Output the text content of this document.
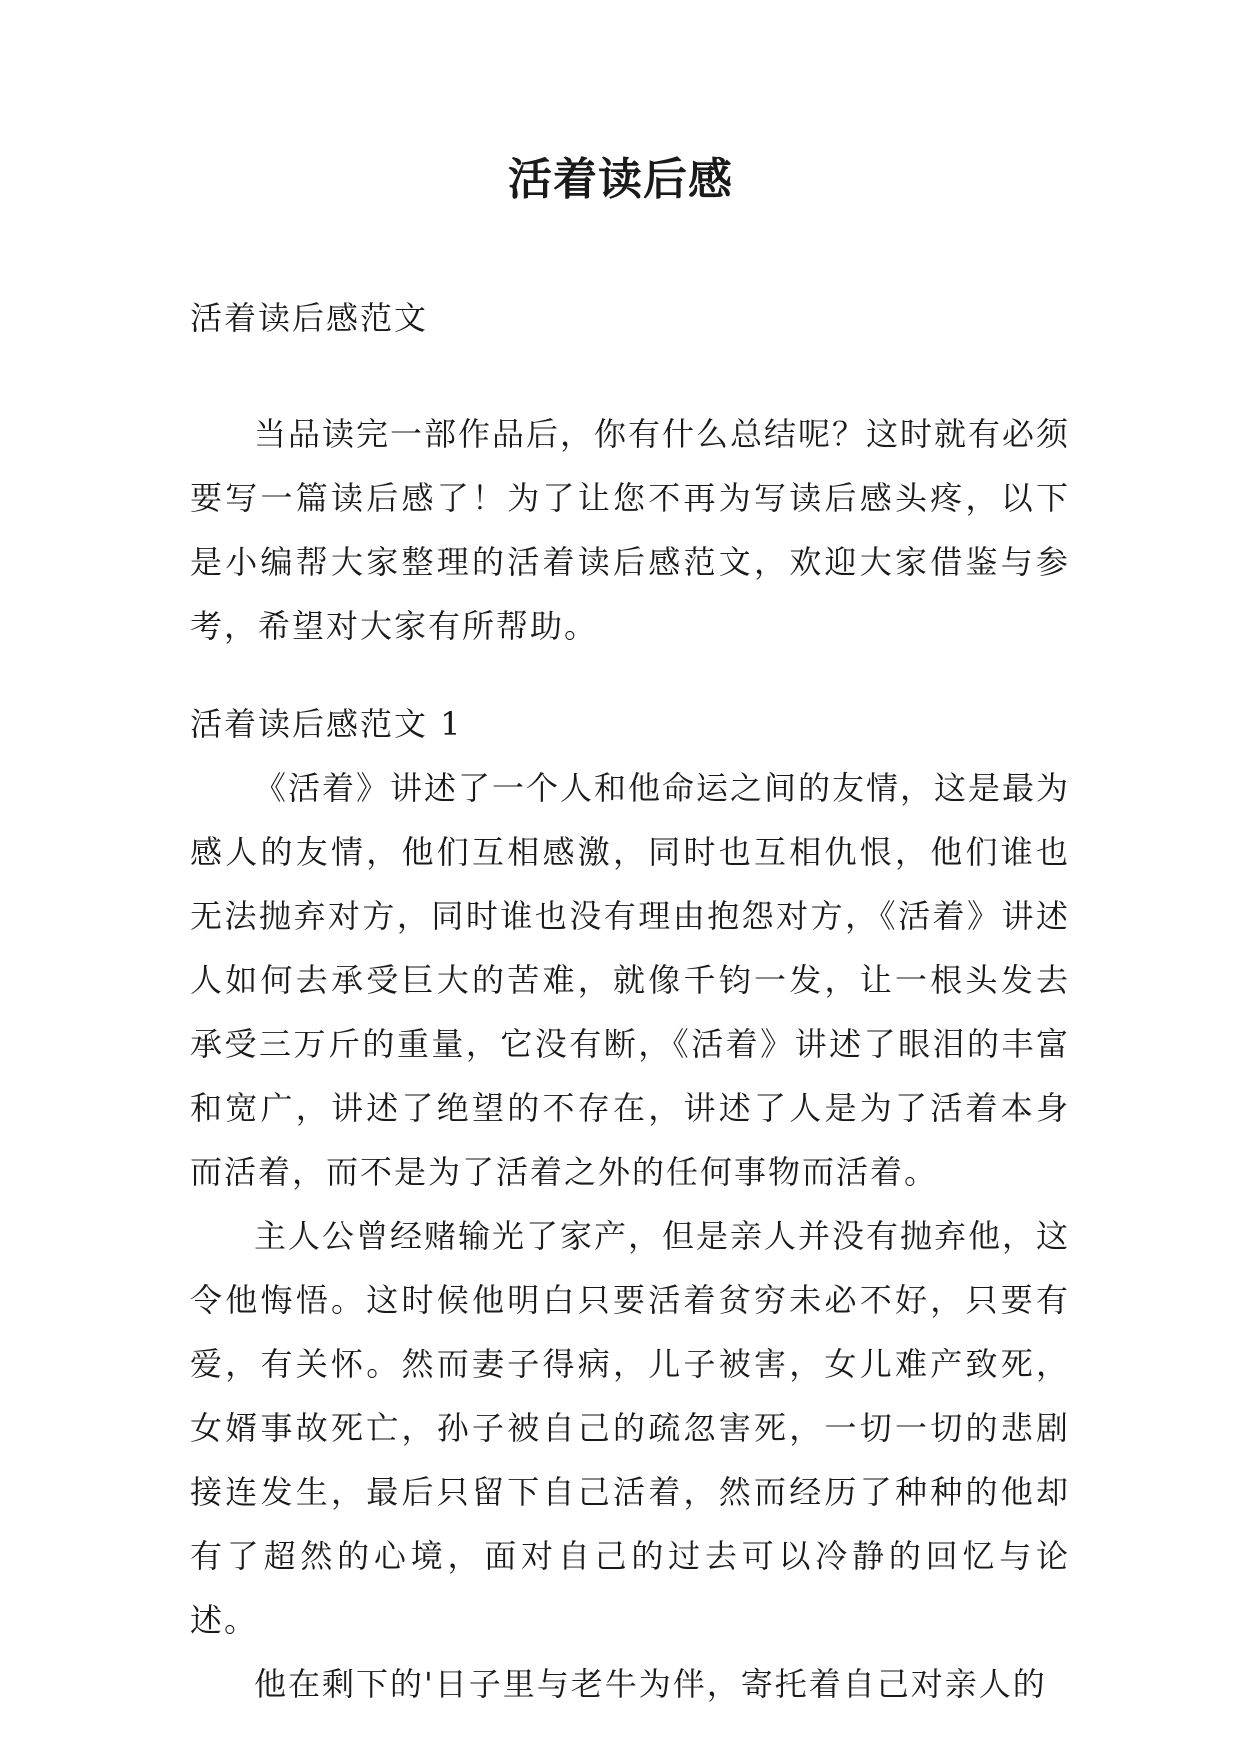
活着读后感

活着读后感范文

当品读完一部作品后，你有什么总结呢？这时就有必须要写一篇读后感了！为了让您不再为写读后感头疼，以下是小编帮大家整理的活着读后感范文，欢迎大家借鉴与参考，希望对大家有所帮助。

活着读后感范文 1

《活着》讲述了一个人和他命运之间的友情，这是最为感人的友情，他们互相感激，同时也互相仇恨，他们谁也无法抛弃对方，同时谁也没有理由抱怨对方，《活着》讲述人如何去承受巨大的苦难，就像千钧一发，让一根头发去承受三万斤的重量，它没有断，《活着》讲述了眼泪的丰富和宽广，讲述了绝望的不存在，讲述了人是为了活着本身而活着，而不是为了活着之外的任何事物而活着。

主人公曾经赌输光了家产，但是亲人并没有抛弃他，这令他悔悟。这时候他明白只要活着贫穷未必不好，只要有爱，有关怀。然而妻子得病，儿子被害，女儿难产致死，女婿事故死亡，孙子被自己的疏忽害死，一切一切的悲剧接连发生，最后只留下自己活着，然而经历了种种的他却有了超然的心境，面对自己的过去可以冷静的回忆与论述。

他在剩下的'日子里与老牛为伴，寄托着自己对亲人的
